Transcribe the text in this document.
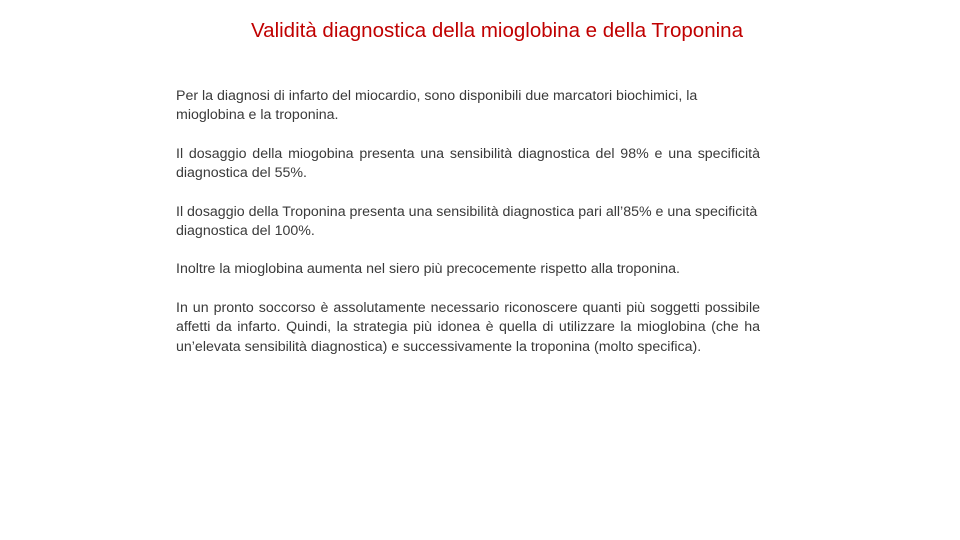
Validità diagnostica della mioglobina e della Troponina

Per la diagnosi di infarto del miocardio, sono disponibili due marcatori biochimici, la mioglobina e la troponina.

Il dosaggio della miogobina presenta una sensibilità diagnostica del 98% e una specificità diagnostica del 55%.

Il dosaggio della Troponina presenta una sensibilità diagnostica pari all’85% e una specificità diagnostica del 100%.

Inoltre la mioglobina aumenta nel siero più precocemente rispetto alla troponina.

In un pronto soccorso è assolutamente necessario riconoscere quanti più soggetti possibile affetti da infarto. Quindi, la strategia più idonea è quella di utilizzare la mioglobina (che ha un’elevata sensibilità diagnostica) e successivamente la troponina (molto specifica).
